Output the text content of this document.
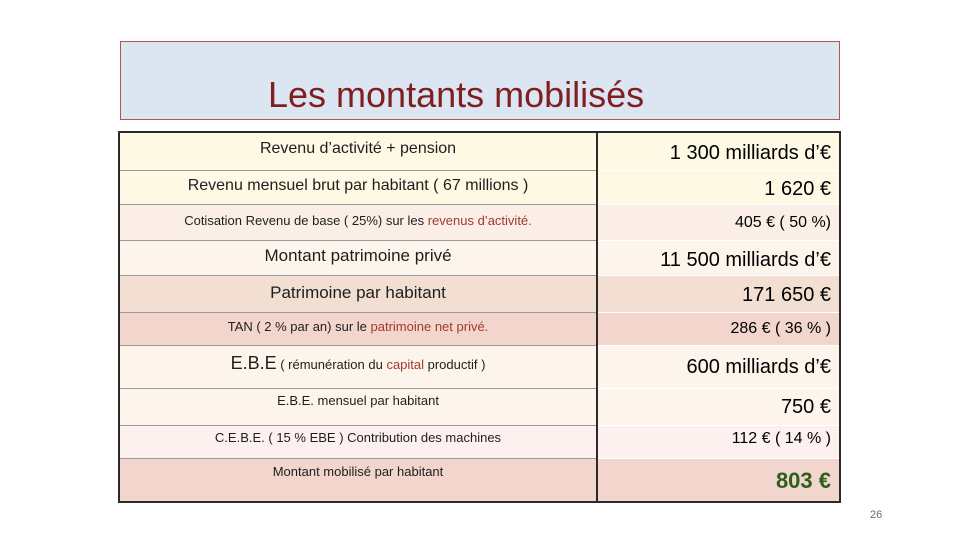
Les montants mobilisés
Revenu d’activité + pension	1 300 milliards d’€
Revenu mensuel brut par habitant ( 67 millions )	1 620 €
Cotisation Revenu de base ( 25%) sur les revenus d’activité.	405 € ( 50 %)
Montant patrimoine privé	11 500 milliards d’€
Patrimoine par habitant	171 650 €
TAN ( 2 % par an) sur le patrimoine net privé.	286 € ( 36 % )
E.B.E ( rémunération du capital productif )	600 milliards d’€
E.B.E. mensuel par habitant	750 €
C.E.B.E. ( 15 % EBE ) Contribution des machines	112 € ( 14 % )
Montant mobilisé par habitant	803 €
26
